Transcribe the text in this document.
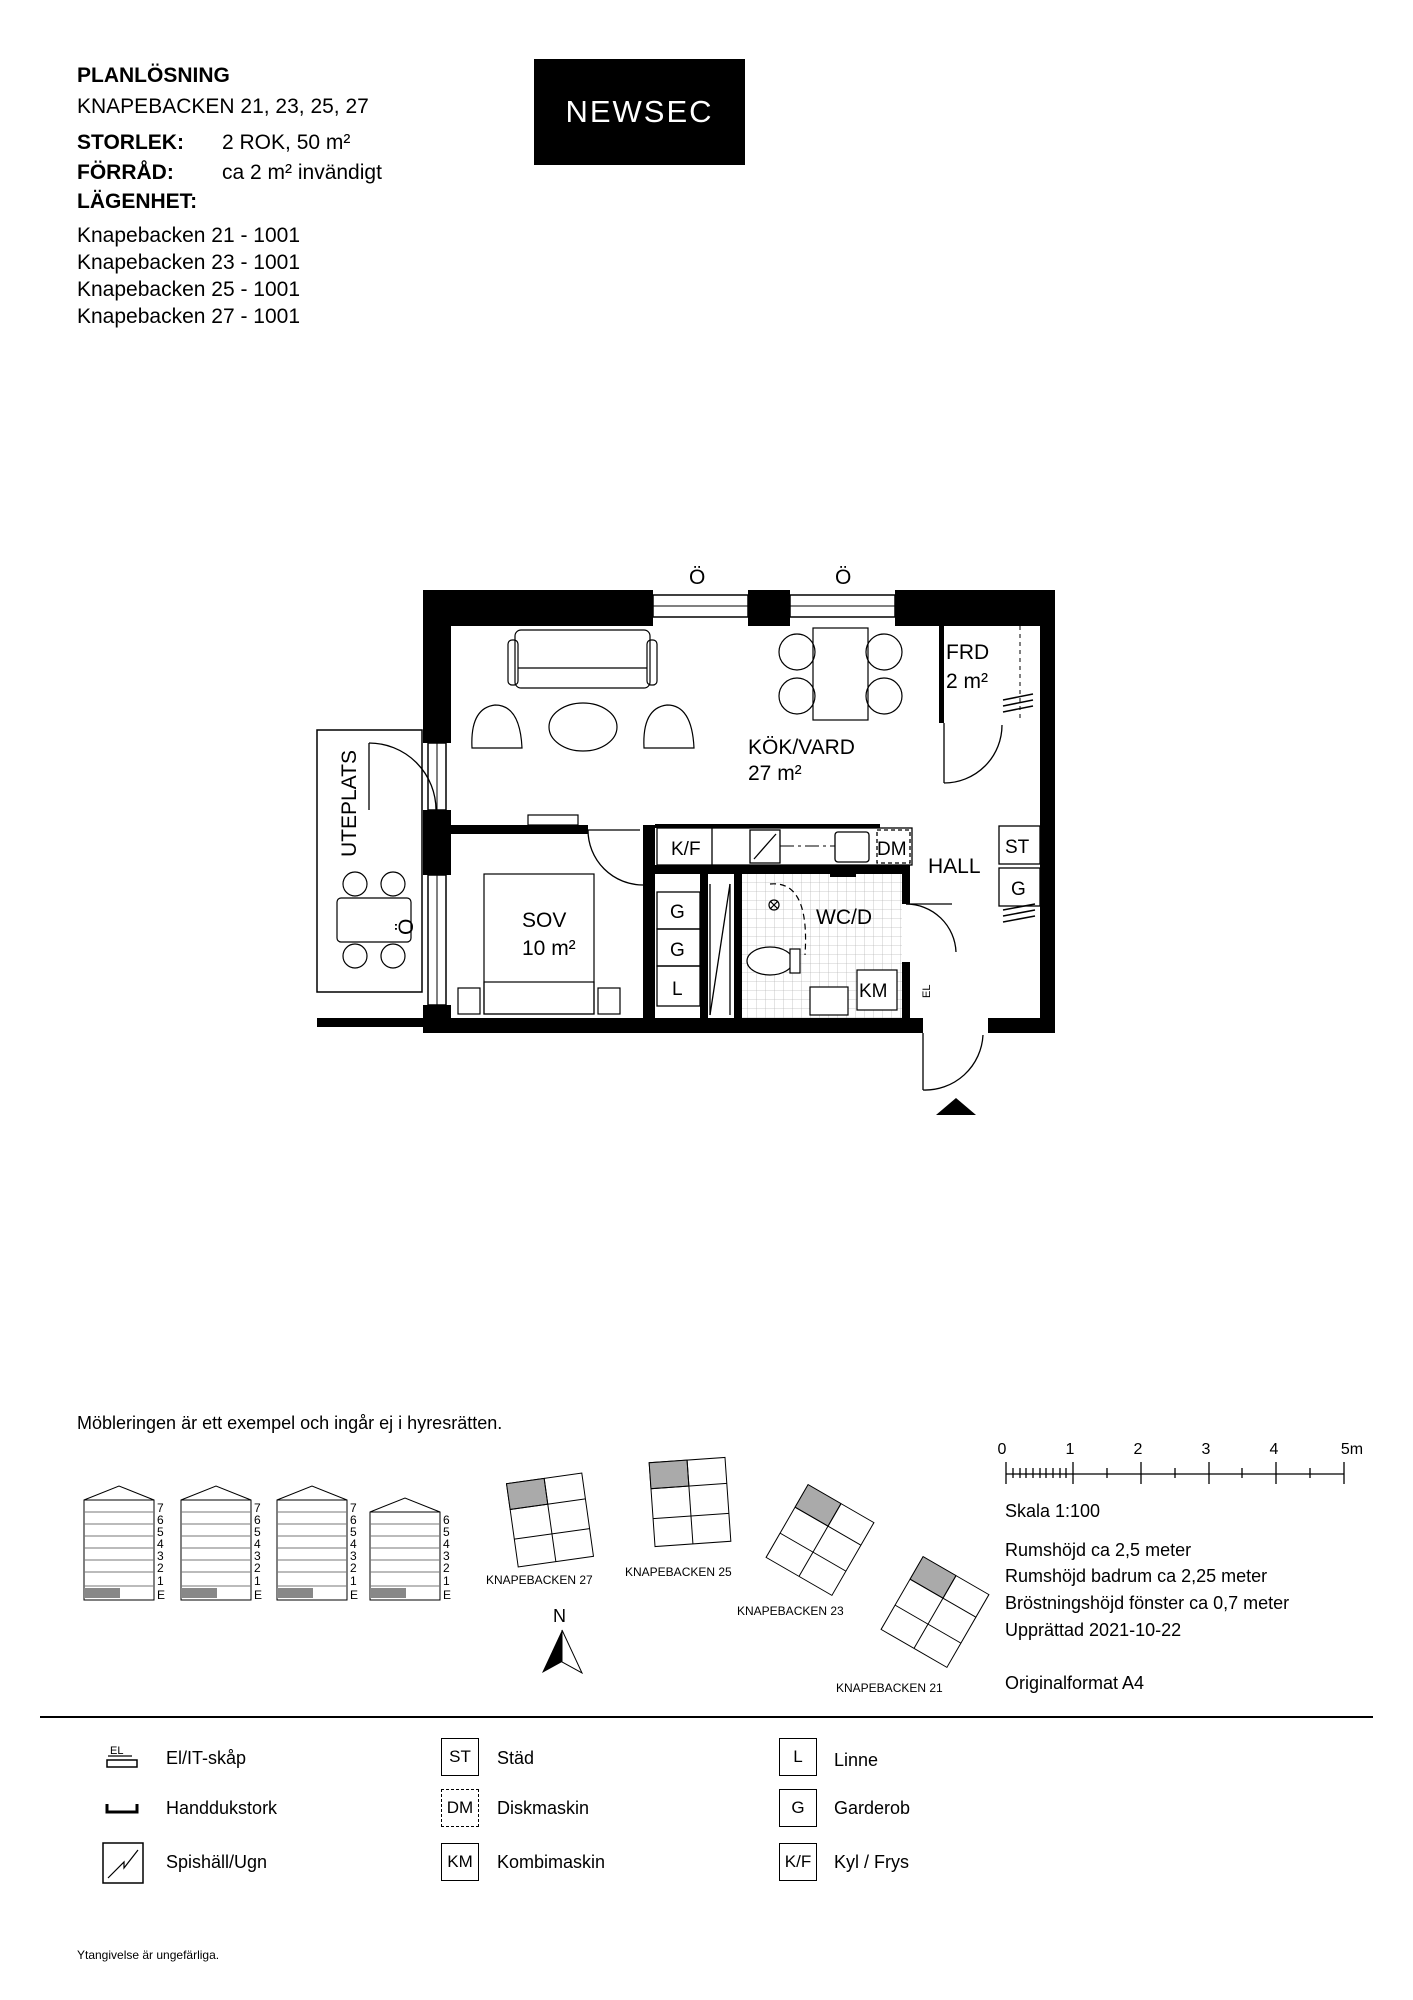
PLANLÖSNING
KNAPEBACKEN 21, 23, 25, 27
STORLEK: 2 ROK, 50 m²
FÖRRÅD: ca 2 m² invändigt
LÄGENHET:
Knapebacken 21 - 1001
Knapebacken 23 - 1001
Knapebacken 25 - 1001
Knapebacken 27 - 1001
NEWSEC
KÖK/VARD
27 m²
SOV
10 m²
FRD
2 m²
WC/D
HALL
UTEPLATS
Ö	Ö
Ö
K/F	DM	ST
G
G
G
L	KM	EL
Möbleringen är ett exempel och ingår ej i hyresrätten.
7
6
5
4
3
2
1
E
7
6
5
4
3
2
1
E
7
6
5
4
3
2
1
E
6
5
4
3
2
1
E
KNAPEBACKEN 27
KNAPEBACKEN 25
KNAPEBACKEN 23
KNAPEBACKEN 21
N
0	1	2	3	4	5m
Skala 1:100
Rumshöjd ca 2,5 meter
Rumshöjd badrum ca 2,25 meter
Bröstningshöjd fönster ca 0,7 meter
Upprättad 2021-10-22
Originalformat A4
EL El/IT-skåp
Handdukstork
Spishäll/Ugn
ST	Städ
DM	Diskmaskin
KM	Kombimaskin
L	Linne
G	Garderob
K/F	Kyl / Frys
Ytangivelse är ungefärliga.
